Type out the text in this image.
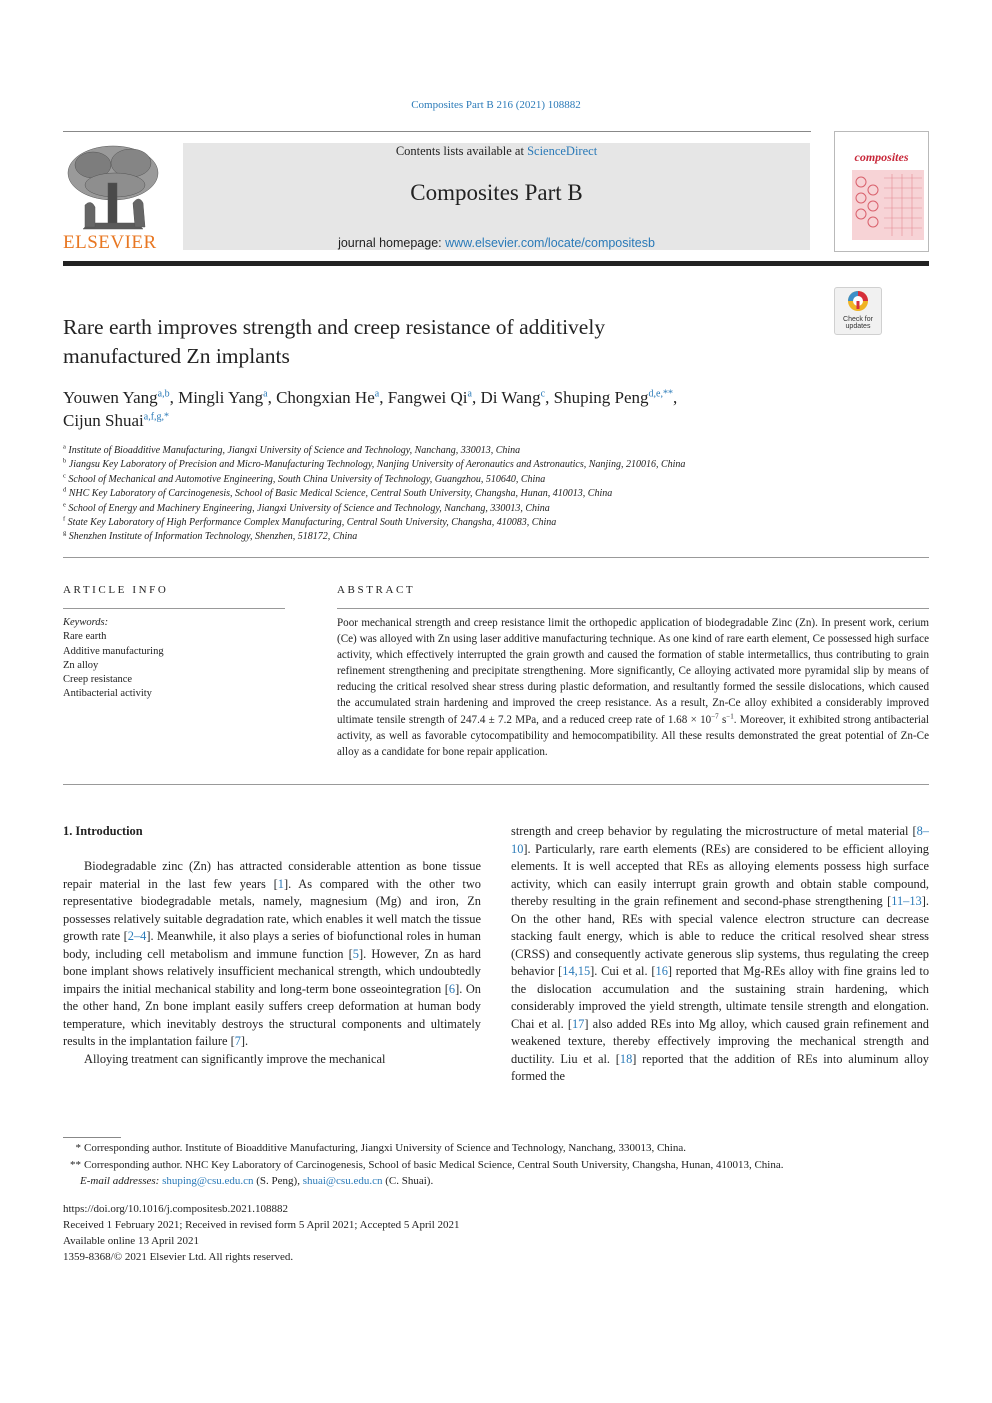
Composites Part B 216 (2021) 108882
ELSEVIER
Contents lists available at ScienceDirect
Composites Part B
journal homepage: www.elsevier.com/locate/compositesb
composites
Check for
updates
Rare earth improves strength and creep resistance of additively
manufactured Zn implants
Youwen Yang$^{a,b}$, Mingli Yang$^a$, Chongxian He$^a$, Fangwei Qi$^a$, Di Wang$^c$, Shuping Peng$^{d,e,**}$,
Cijun Shuai$^{a,f,g,*}$
$^a$ Institute of Bioadditive Manufacturing, Jiangxi University of Science and Technology, Nanchang, 330013, China
$^b$ Jiangsu Key Laboratory of Precision and Micro-Manufacturing Technology, Nanjing University of Aeronautics and Astronautics, Nanjing, 210016, China
$^c$ School of Mechanical and Automotive Engineering, South China University of Technology, Guangzhou, 510640, China
$^d$ NHC Key Laboratory of Carcinogenesis, School of Basic Medical Science, Central South University, Changsha, Hunan, 410013, China
$^e$ School of Energy and Machinery Engineering, Jiangxi University of Science and Technology, Nanchang, 330013, China
$^f$ State Key Laboratory of High Performance Complex Manufacturing, Central South University, Changsha, 410083, China
$^g$ Shenzhen Institute of Information Technology, Shenzhen, 518172, China
ARTICLE INFO
Keywords:
Rare earth
Additive manufacturing
Zn alloy
Creep resistance
Antibacterial activity
ABSTRACT
Poor mechanical strength and creep resistance limit the orthopedic application of biodegradable Zinc (Zn). In present work, cerium (Ce) was alloyed with Zn using laser additive manufacturing technique. As one kind of rare earth element, Ce possessed high surface activity, which effectively interrupted the grain growth and caused the formation of stable intermetallics, thus contributing to grain refinement strengthening and precipitate strengthening. More significantly, Ce alloying activated more pyramidal slip by means of reducing the critical resolved shear stress during plastic deformation, and resultantly formed the sessile dislocations, which caused the accumulated strain hardening and improved the creep resistance. As a result, Zn-Ce alloy exhibited a considerably improved ultimate tensile strength of 247.4 ± 7.2 MPa, and a reduced creep rate of $1.68 \times 10^{-7}$ $s^{-1}$. Moreover, it exhibited strong antibacterial activity, as well as favorable cytocompatibility and hemocompatibility. All these results demonstrated the great potential of Zn-Ce alloy as a candidate for bone repair application.
1. Introduction

Biodegradable zinc (Zn) has attracted considerable attention as bone tissue repair material in the last few years [1]. As compared with the other two representative biodegradable metals, namely, magnesium (Mg) and iron, Zn possesses relatively suitable degradation rate, which enables it well match the tissue growth rate [2–4]. Meanwhile, it also plays a series of biofunctional roles in human body, including cell metabolism and immune function [5]. However, Zn as hard bone implant shows relatively insufficient mechanical strength, which undoubtedly impairs the initial mechanical stability and long-term bone osseointegration [6]. On the other hand, Zn bone implant easily suffers creep deformation at human body temperature, which inevitably destroys the structural components and ultimately results in the implantation failure [7].

Alloying treatment can significantly improve the mechanical

strength and creep behavior by regulating the microstructure of metal material [8–10]. Particularly, rare earth elements (REs) are considered to be efficient alloying elements. It is well accepted that REs as alloying elements possess high surface activity, which can easily interrupt grain growth and obtain stable compound, thereby resulting in the grain refinement and second-phase strengthening [11–13]. On the other hand, REs with special valence electron structure can decrease stacking fault energy, which is able to reduce the critical resolved shear stress (CRSS) and consequently activate generous slip systems, thus regulating the creep behavior [14,15]. Cui et al. [16] reported that Mg-REs alloy with fine grains led to the dislocation accumulation and the sustaining strain hardening, which considerably improved the yield strength, ultimate tensile strength and elongation. Chai et al. [17] also added REs into Mg alloy, which caused grain refinement and weakened texture, thereby effectively improving the mechanical strength and ductility. Liu et al. [18] reported that the addition of REs into aluminum alloy formed the

* Corresponding author. Institute of Bioadditive Manufacturing, Jiangxi University of Science and Technology, Nanchang, 330013, China.
** Corresponding author. NHC Key Laboratory of Carcinogenesis, School of basic Medical Science, Central South University, Changsha, Hunan, 410013, China.
E-mail addresses: shuping@csu.edu.cn (S. Peng), shuai@csu.edu.cn (C. Shuai).
https://doi.org/10.1016/j.compositesb.2021.108882
Received 1 February 2021; Received in revised form 5 April 2021; Accepted 5 April 2021
Available online 13 April 2021
1359-8368/© 2021 Elsevier Ltd. All rights reserved.
